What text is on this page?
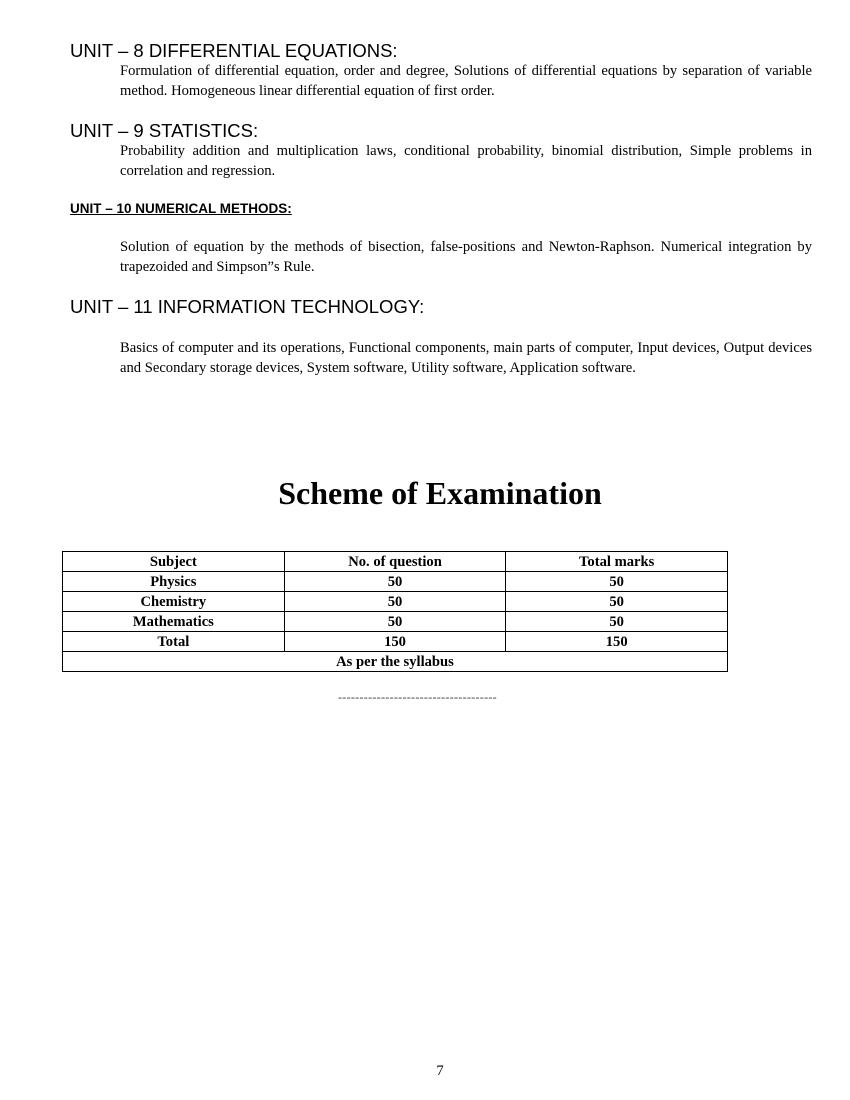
UNIT – 8 DIFFERENTIAL EQUATIONS:

Formulation of differential equation, order and degree, Solutions of differential equations by separation of variable method. Homogeneous linear differential equation of first order.

UNIT – 9 STATISTICS:

Probability addition and multiplication laws, conditional probability, binomial distribution, Simple problems in correlation and regression.

UNIT – 10 NUMERICAL METHODS:

Solution of equation by the methods of bisection, false-positions and Newton-Raphson. Numerical integration by trapezoided and Simpson”s Rule.

UNIT – 11 INFORMATION TECHNOLOGY:

Basics of computer and its operations, Functional components, main parts of computer, Input devices, Output devices and Secondary storage devices, System software, Utility software, Application software.

Scheme of Examination
Subject	No. of question	Total marks
Physics	50	50
Chemistry	50	50
Mathematics	50	50
Total	150	150
As per the syllabus		
-------------------------------------
7
